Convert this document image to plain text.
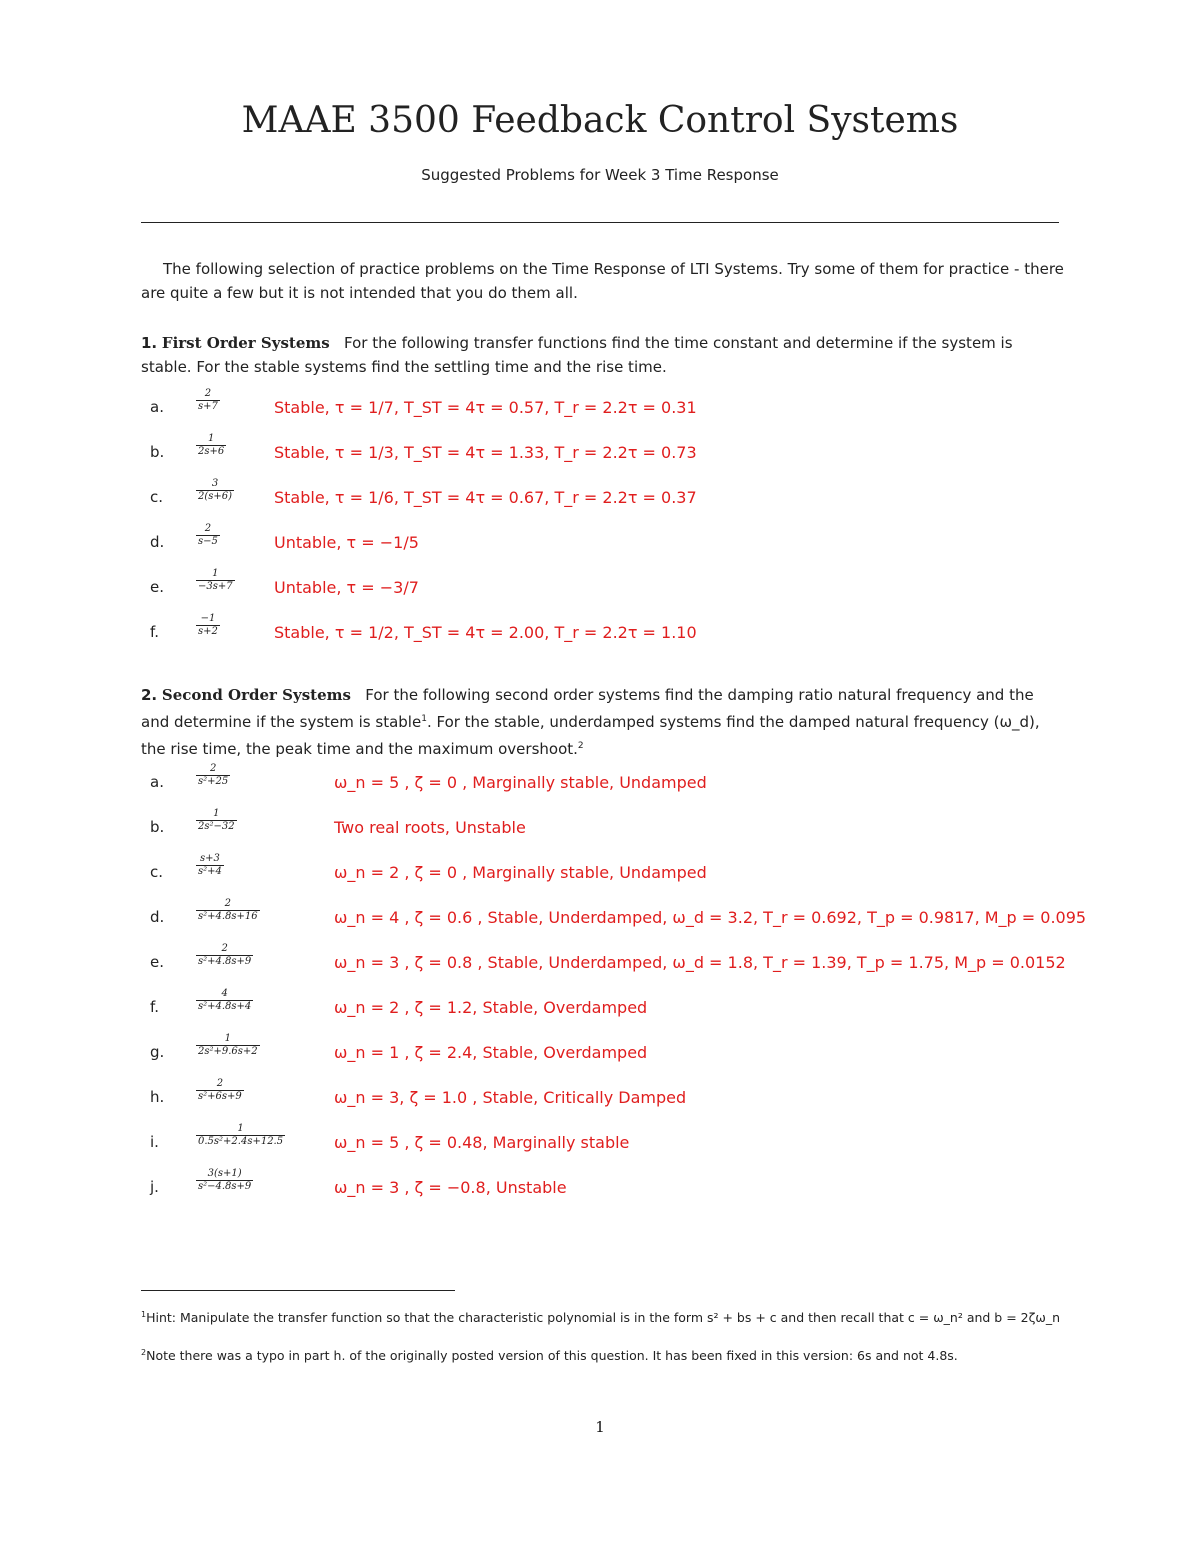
MAAE 3500 Feedback Control Systems
Suggested Problems for Week 3 Time Response
The following selection of practice problems on the Time Response of LTI Systems. Try some of them for practice - there are quite a few but it is not intended that you do them all.
1. First Order Systems For the following transfer functions find the time constant and determine if the system is stable. For the stable systems find the settling time and the rise time.
a.	$\frac{2}{s+7}$	Stable, τ = 1/7, T_ST = 4τ = 0.57, T_r = 2.2τ = 0.31
b.	$\frac{1}{2s+6}$	Stable, τ = 1/3, T_ST = 4τ = 1.33, T_r = 2.2τ = 0.73
c.	$\frac{3}{2(s+6)}$ Stable, τ = 1/6, T_ST = 4τ = 0.67, T_r = 2.2τ = 0.37
d.	$\frac{2}{s-5}$	Untable, τ = −1/5
e.	$\frac{1}{-3s+7}$ Untable, τ = −3/7
f.	$\frac{-1}{s+2}$	Stable, τ = 1/2, T_ST = 4τ = 2.00, T_r = 2.2τ = 1.10
2. Second Order Systems For the following second order systems find the damping ratio natural frequency and the and determine if the system is stable$^1$. For the stable, underdamped systems find the damped natural frequency (ω_d), the rise time, the peak time and the maximum overshoot.$^2$
a.	$\frac{2}{\text{s²+25}}$	ω_n = 5 , ζ = 0 , Marginally stable, Undamped
b.	$\frac{1}{\text{2s²−32}}$	Two real roots, Unstable
c.	$\frac{s+3}{\text{s²+4}}$	ω_n = 2 , ζ = 0 , Marginally stable, Undamped
d.	$\frac{2}{\text{s²+4.8s+16}}$	ω_n = 4 , ζ = 0.6 , Stable, Underdamped, ω_d = 3.2, T_r = 0.692, T_p = 0.9817, M_p = 0.095
e.	$\frac{2}{\text{s²+4.8s+9}}$	ω_n = 3 , ζ = 0.8 , Stable, Underdamped, ω_d = 1.8, T_r = 1.39, T_p = 1.75, M_p = 0.0152
f.	$\frac{4}{\text{s²+4.8s+4}}$	ω_n = 2 , ζ = 1.2, Stable, Overdamped
g.	$\frac{1}{\text{2s²+9.6s+2}}$	ω_n = 1 , ζ = 2.4, Stable, Overdamped
h.	$\frac{2}{\text{s²+6s+9}}$	ω_n = 3, ζ = 1.0 , Stable, Critically Damped
i.	$\frac{1}{\text{0.5s²+2.4s+12.5}}$	ω_n = 5 , ζ = 0.48, Marginally stable
j.	$\frac{3(s+1)}{\text{s²−4.8s+9}}$	ω_n = 3 , ζ = −0.8, Unstable
$^1$Hint: Manipulate the transfer function so that the characteristic polynomial is in the form s² + bs + c and then recall that c = ω_n² and b = 2ζω_n
$^2$Note there was a typo in part h. of the originally posted version of this question. It has been fixed in this version: 6s and not 4.8s.
1
